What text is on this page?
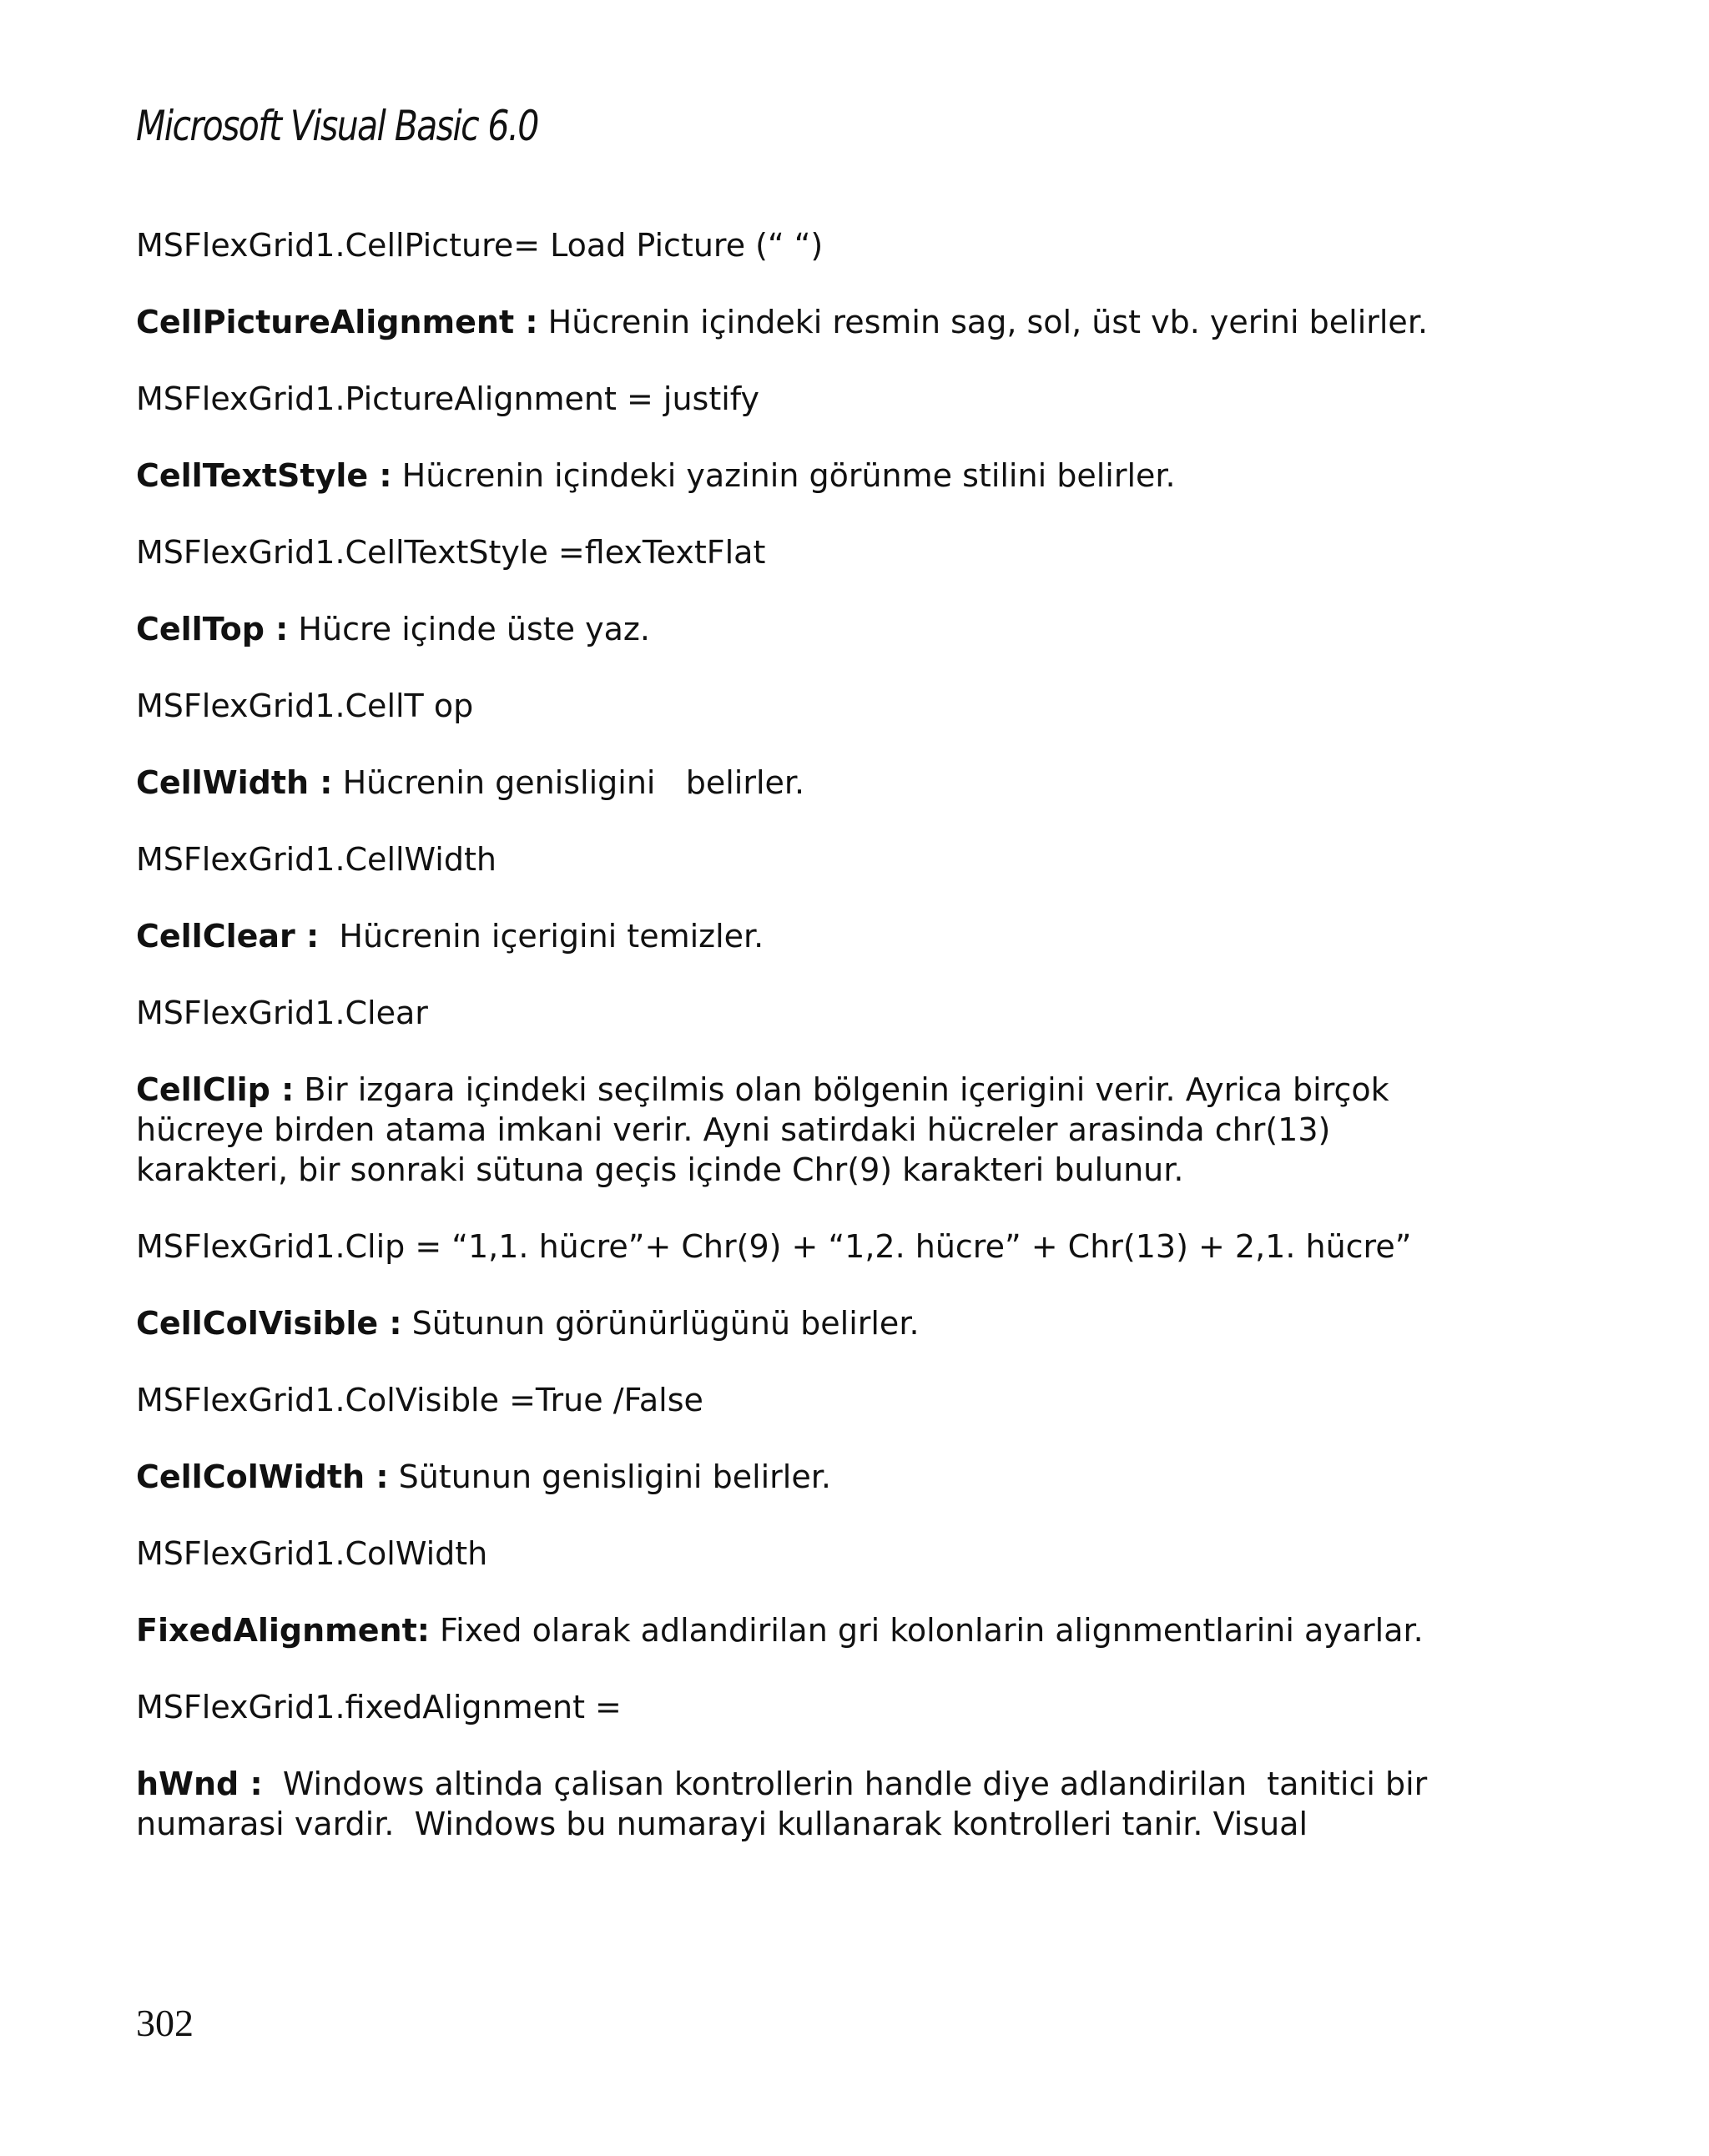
Microsoft Visual Basic 6.0

MSFlexGrid1.CellPicture= Load Picture (“ “)

CellPictureAlignment : Hücrenin içindeki resmin sag, sol, üst vb. yerini belirler.

MSFlexGrid1.PictureAlignment = justify

CellTextStyle : Hücrenin içindeki yazinin görünme stilini belirler.

MSFlexGrid1.CellTextStyle =flexTextFlat

CellTop : Hücre içinde üste yaz.

MSFlexGrid1.CellT op

CellWidth : Hücrenin genisligini   belirler.

MSFlexGrid1.CellWidth

CellClear :  Hücrenin içerigini temizler.

MSFlexGrid1.Clear

CellClip : Bir izgara içindeki seçilmis olan bölgenin içerigini verir. Ayrica birçok hücreye birden atama imkani verir. Ayni satirdaki hücreler arasinda chr(13) karakteri, bir sonraki sütuna geçis içinde Chr(9) karakteri bulunur.

MSFlexGrid1.Clip = “1,1. hücre”+ Chr(9) + “1,2. hücre” + Chr(13) + 2,1. hücre”

CellColVisible : Sütunun görünürlügünü belirler.

MSFlexGrid1.ColVisible =True /False

CellColWidth : Sütunun genisligini belirler.

MSFlexGrid1.ColWidth

FixedAlignment: Fixed olarak adlandirilan gri kolonlarin alignmentlarini ayarlar.

MSFlexGrid1.fixedAlignment =

hWnd :  Windows altinda çalisan kontrollerin handle diye adlandirilan  tanitici bir numarasi vardir.  Windows bu numarayi kullanarak kontrolleri tanir. Visual

302
